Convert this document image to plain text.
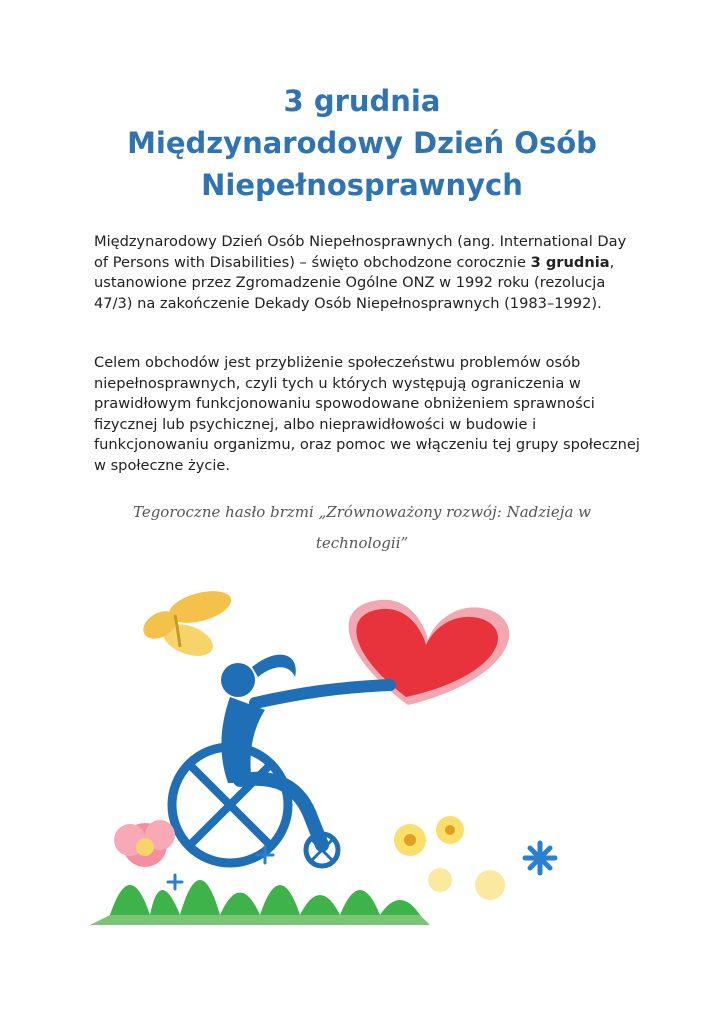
3 grudnia
Międzynarodowy Dzień Osób
Niepełnosprawnych

Międzynarodowy Dzień Osób Niepełnosprawnych (ang. International Day of Persons with Disabilities) – święto obchodzone corocznie 3 grudnia, ustanowione przez Zgromadzenie Ogólne ONZ w 1992 roku (rezolucja 47/3) na zakończenie Dekady Osób Niepełnosprawnych (1983–1992).

Celem obchodów jest przybliżenie społeczeństwu problemów osób niepełnosprawnych, czyli tych u których występują ograniczenia w prawidłowym funkcjonowaniu spowodowane obniżeniem sprawności fizycznej lub psychicznej, albo nieprawidłowości w budowie i funkcjonowaniu organizmu, oraz pomoc we włączeniu tej grupy społecznej w społeczne życie.

Tegoroczne hasło brzmi „Zrównoważony rozwój: Nadzieja w technologii”
